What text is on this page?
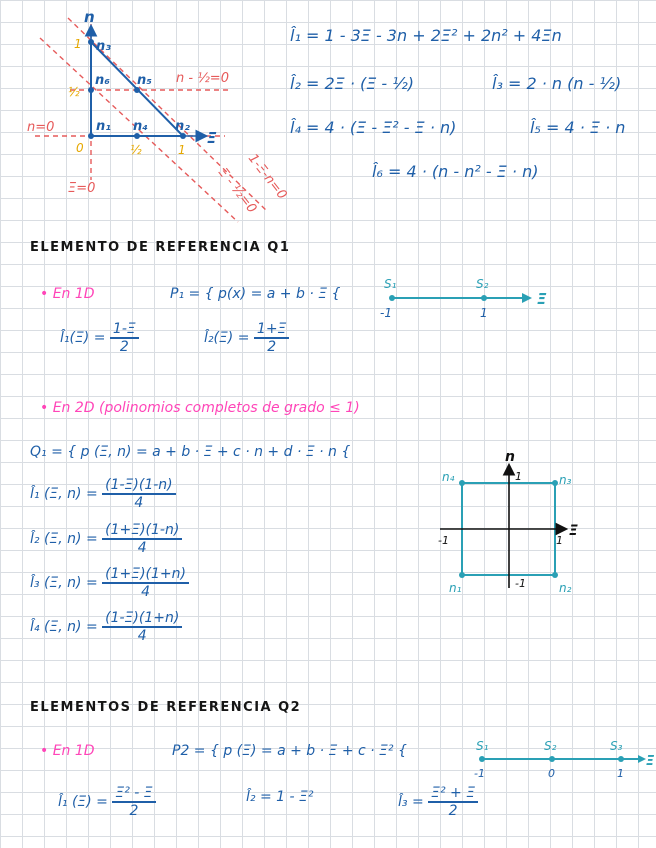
n
Ξ
n₃
n₆ n₅
n₁ n₄ n₂
1
½
0	½	1
n=0
n - ½=0
Ξ=0	1-Ξ-n=0
Ξ - ½=0
l̂₁ = 1 - 3Ξ - 3n + 2Ξ² + 2n² + 4Ξn
l̂₂ = 2Ξ · (Ξ - ½)	l̂₃ = 2 · n (n - ½)
l̂₄ = 4 · (Ξ - Ξ² - Ξ · n)	l̂₅ = 4 · Ξ · n
l̂₆ = 4 · (n - n² - Ξ · n)
ELEMENTO DE REFERENCIA Q1
• En 1D	P₁ = { p(x) = a + b · Ξ {
l̂₁(Ξ) = $\frac{1-\Xi}{2}$	l̂₂(Ξ) = $\frac{1+\Xi}{2}$
S₁	S₂
-1	1
Ξ
• En 2D (polinomios completos de grado ≤ 1)
Q₁ = { p (Ξ, n) = a + b · Ξ + c · n + d · Ξ · n {
l̂₁ (Ξ, $n) = \frac{(1-\Xi)(1-n)}{4}$
l̂₂ (Ξ, $n) = \frac{(1+\Xi)(1-n)}{4}$
l̂₃ (Ξ, $n) = \frac{(1+\Xi)(1+n)}{4}$
l̂₄ (Ξ, $n) = \frac{(1-\Xi)(1+n)}{4}$
n
Ξ
n₄	n₃
n₁	n₂
1
-1
-1	1
ELEMENTOS DE REFERENCIA Q2
• En 1D	P2 = { p (Ξ) = a + b · Ξ + c · Ξ² {	S₁	S₂	S₃
-1	0	1
Ξ
l̂₁ $(\Xi) = \frac{\text{Ξ² - Ξ}}{2}$	l̂₂ = 1 - Ξ²	l̂₃ = $\frac{\text{Ξ² + Ξ}}{2}$
